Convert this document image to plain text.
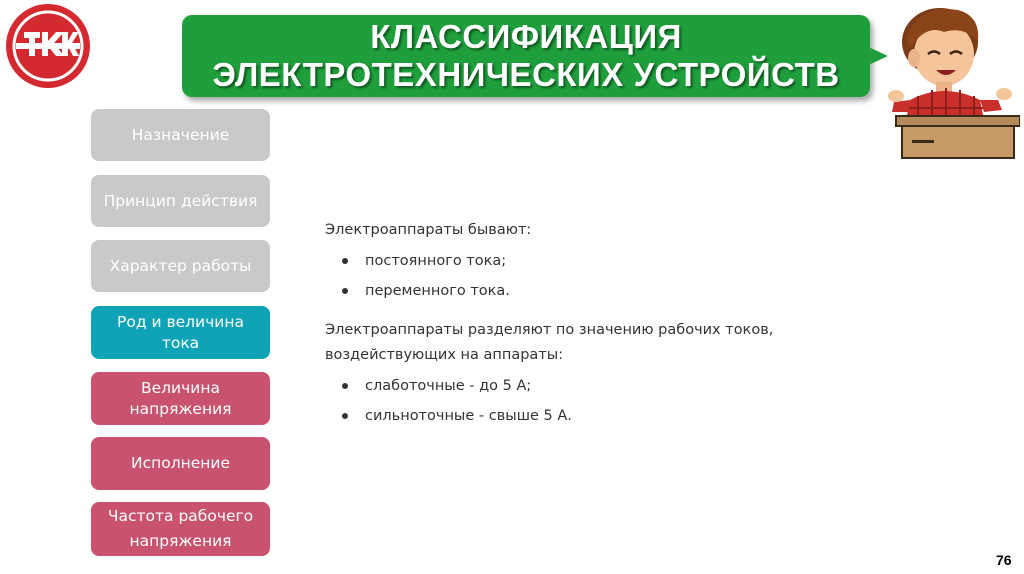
КЛАССИФИКАЦИЯ
ЭЛЕКТРОТЕХНИЧЕСКИХ УСТРОЙСТВ
Назначение
Принцип действия
Характер работы
Род и величина тока
Величина напряжения
Исполнение
Частота рабочего напряжения
Электроаппараты бывают:
постоянного тока;
переменного тока.
Электроаппараты разделяют по значению рабочих токов,
воздействующих на аппараты:
слаботочные - до 5 А;
сильноточные - свыше 5 А.
76
